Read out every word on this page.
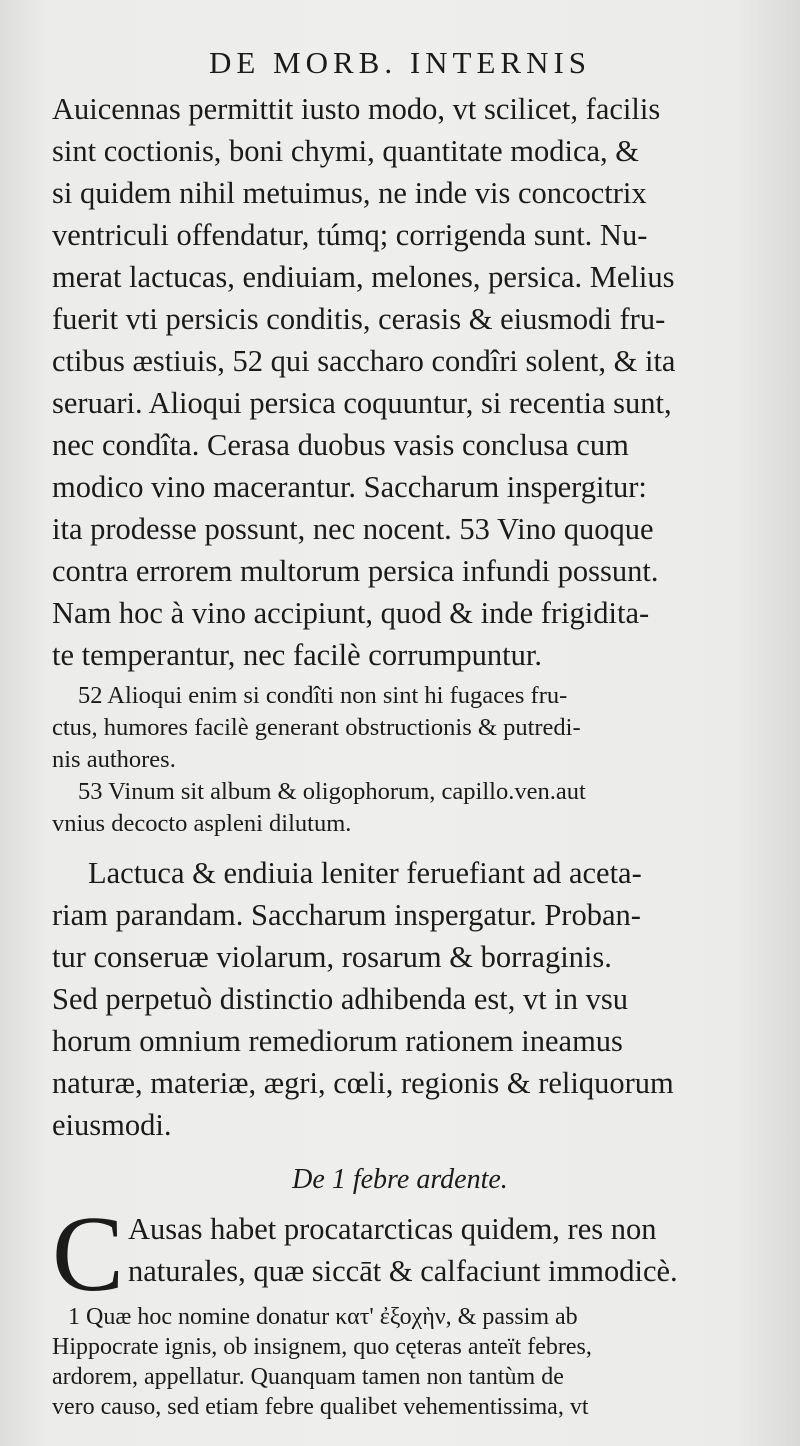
DE MORB. INTERNIS
Auicennas permittit iusto modo, vt scilicet, facilis
sint coctionis, boni chymi, quantitate modica, &
si quidem nihil metuimus, ne inde vis concoctrix
ventriculi offendatur, túmq; corrigenda sunt. Nu-
merat lactucas, endiuiam, melones, persica. Melius
fuerit vti persicis conditis, cerasis & eiusmodi fru-
ctibus æstiuis, 52 qui saccharo condîri solent, & ita
seruari. Alioqui persica coquuntur, si recentia sunt,
nec condîta. Cerasa duobus vasis conclusa cum
modico vino macerantur. Saccharum inspergitur:
ita prodesse possunt, nec nocent. 53 Vino quoque
contra errorem multorum persica infundi possunt.
Nam hoc à vino accipiunt, quod & inde frigidita-
te temperantur, nec facilè corrumpuntur.
52 Alioqui enim si condîti non sint hi fugaces fru-
ctus, humores facilè generant obstructionis & putredi-
nis authores.
53 Vinum sit album & oligophorum, capillo.ven.aut
vnius decocto aspleni dilutum.
Lactuca & endiuia leniter feruefiant ad aceta-
riam parandam. Saccharum inspergatur. Proban-
tur conseruæ violarum, rosarum & borraginis.
Sed perpetuò distinctio adhibenda est, vt in vsu
horum omnium remediorum rationem ineamus
naturæ, materiæ, ægri, cœli, regionis & reliquorum
eiusmodi.
De 1 febre ardente.
C Ausas habet procatarcticas quidem, res non
naturales, quæ siccāt & calfaciunt immodicè.
1 Quæ hoc nomine donatur κατ' ἐξοχὴν, & passim ab
Hippocrate ignis, ob insignem, quo cęteras anteït febres,
ardorem, appellatur. Quanquam tamen non tantùm de
vero causo, sed etiam febre qualibet vehementissima, vt
